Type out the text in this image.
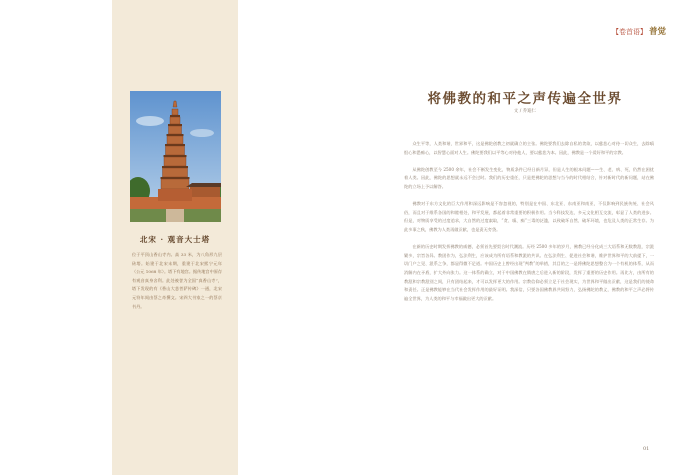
北宋 · 观音大士塔
位于平顶山香山寺内。高 33 米，为八角形九层砖塔。始建于北宋末期，重建于北宋熙宁元年（公元 1068 年）。塔下有地宫。据传地宫中原存有观音真身舍利。此处被誉为全国“真香山寺”，塔下发现的有《香山大悲菩萨传碑》一通，北宋元符年间由蔡之奇撰文。宋四大书家之一的蔡京书丹。
【卷首语】 普觉
将佛教的和平之声传遍全世界
文 / 乔迪仁

众生平等，人类和谐，世界和平，这是佛陀创教之初就确立的主张。佛陀要我们去除自私的贪欲，以慈悲心对待一切众生，去除嗔恨心和愚痴心，以智慧心面对人生。佛陀要我们以平等心对待他人，要以慈悲为本。因此，佛教是一个爱好和平的宗教。

从佛陀创教至今 2500 余年，社会不断发生变化，物质条件已经日新月异，但是人生的根本问题——生、老、病、死，仍然在困扰着人类。因此，佛陀的思想就永远不会过时。我们的历史重任，只是把佛陀的思想与当今的时代相结合，针对新时代的新问题，站在佛陀的立场上予以解答。

佛教对于东方文化的巨大作用和深远影响是不容忽视的，特别是在中国、东北亚、东南亚和南亚，不仅影响到民族传统、社会风俗，而且对于维系各国的和睦相处，和平发展，都起着非常重要的积极作用。当今科技发达，多元文化相互交流，彰显了人类的进步。但是，对物质享受的过度追求，大自然的过度索取，“贪、嗔、痴”三毒的泛滥，以致破坏自然、破坏环境，也危及人类的正常生存。为此多事之秋，佛教为人类再做贡献，也是责无旁贷。

在新的历史时期发挥佛教的威德，必须首先要契合时代潮流。历经 2500 多年的岁月，佛教已经分化成三大语系和无数教派，宗派繁多，宗旨各异。教团作为，弘法利生，应该成为所有语系和教派的共识。在弘法利生、促进社会和谐，维护世界和平的大前提下，一切门户之见、派系之争，都显得微不足道。中国历史上曾经出现“判教”的举措，其目的之一是将佛陀思想整合为一个有机的体系，从而消解内在矛盾，扩大外向张力。这一体系的确立，对于中国佛教在隋唐之后进入新的阶段，发挥了重要的历史作用。再比方，由所有的教派和宗教派别之间，只有团结起来，才可以发挥更大的作用。宗教信仰必须立足于社会现实，为世界和平做出贡献，这是我们的使命和责任。正是佛教能够在当代社会发挥作用的最好证明。我深信，只要各国佛教界共同努力，弘扬佛陀的教义，佛教的和平之声必将传遍全世界，为人类的和平与幸福做出更大的贡献。

01
